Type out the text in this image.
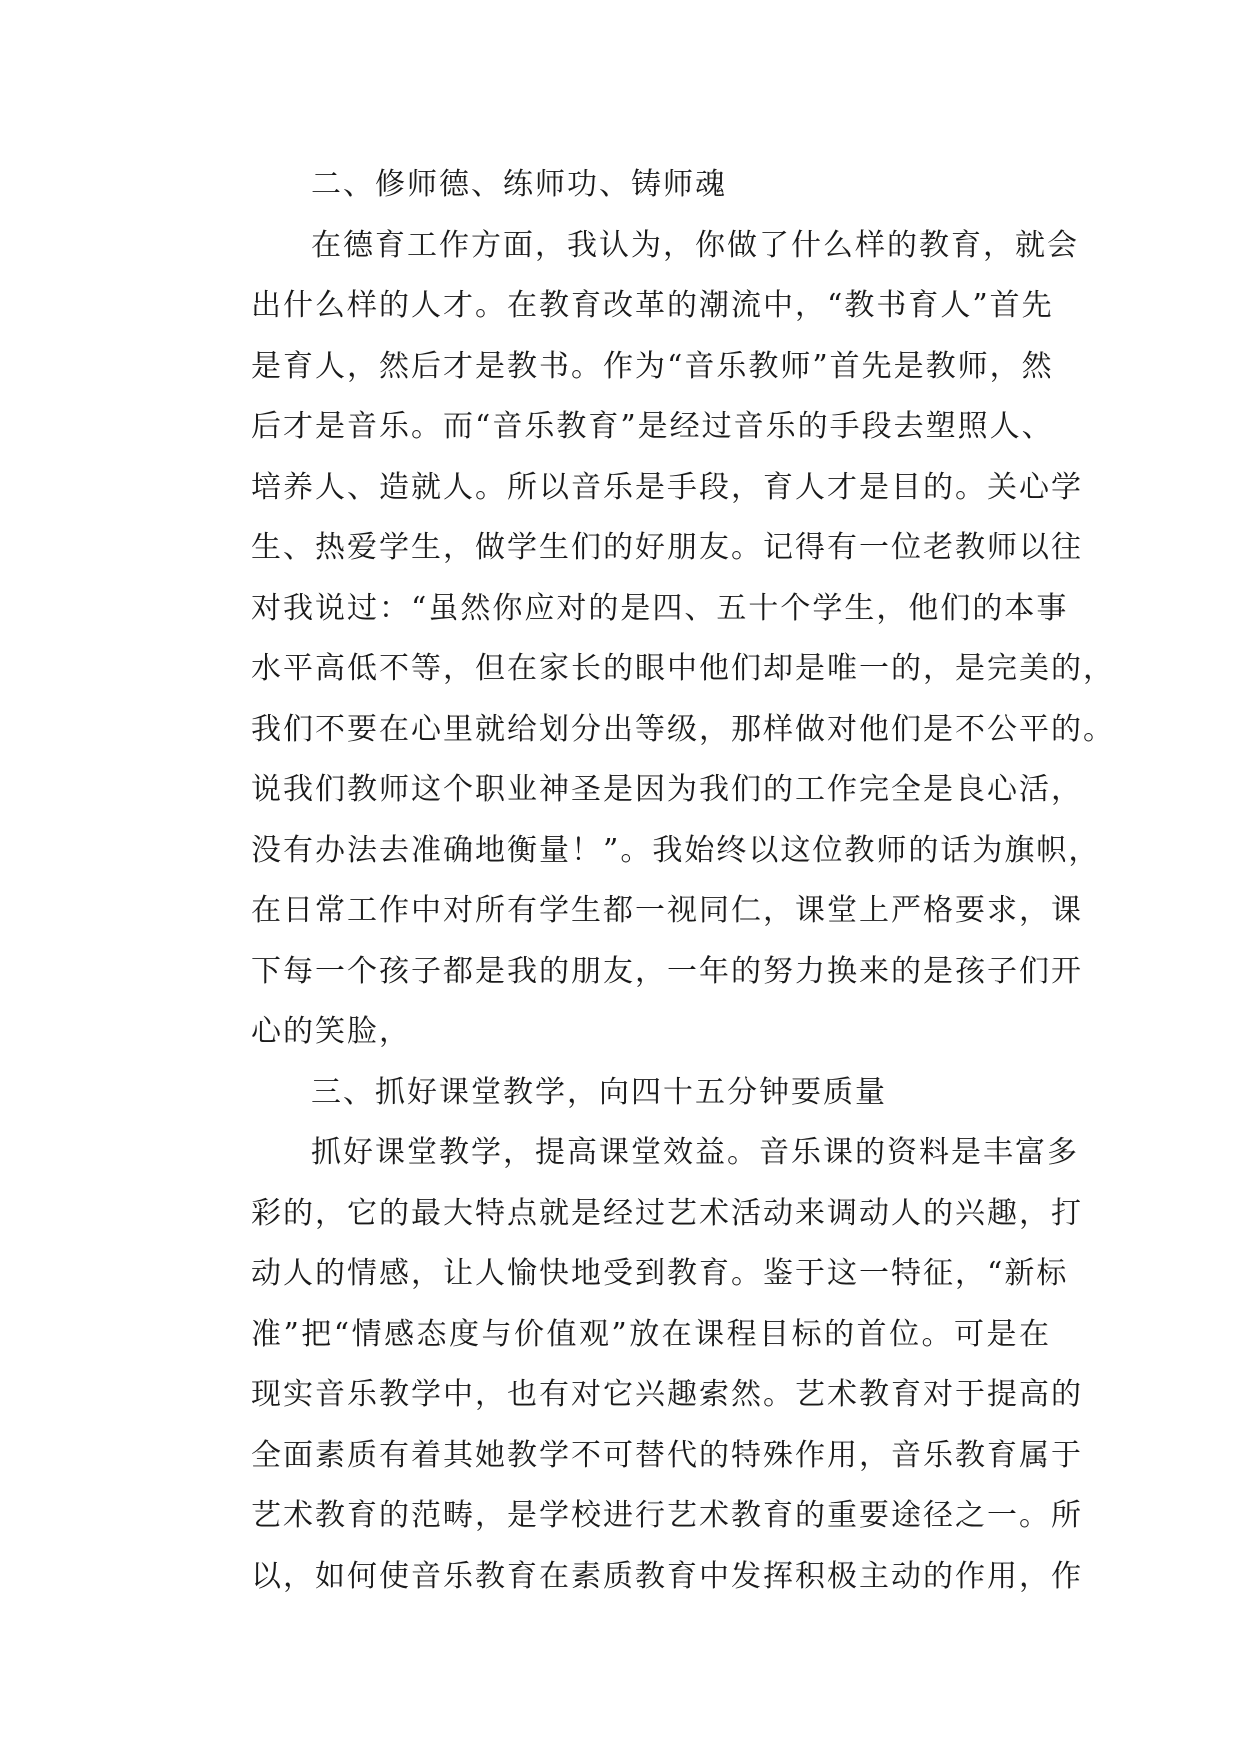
二、修师德、练师功、铸师魂
在德育工作方面，我认为，你做了什么样的教育，就会
出什么样的人才。在教育改革的潮流中，“教书育人”首先
是育人，然后才是教书。作为“音乐教师”首先是教师，然
后才是音乐。而“音乐教育”是经过音乐的手段去塑照人、
培养人、造就人。所以音乐是手段，育人才是目的。关心学
生、热爱学生，做学生们的好朋友。记得有一位老教师以往
对我说过：“虽然你应对的是四、五十个学生，他们的本事
水平高低不等，但在家长的眼中他们却是唯一的，是完美的，
我们不要在心里就给划分出等级，那样做对他们是不公平的。
说我们教师这个职业神圣是因为我们的工作完全是良心活，
没有办法去准确地衡量！”。我始终以这位教师的话为旗帜，
在日常工作中对所有学生都一视同仁，课堂上严格要求，课
下每一个孩子都是我的朋友，一年的努力换来的是孩子们开
心的笑脸，
三、抓好课堂教学，向四十五分钟要质量
抓好课堂教学，提高课堂效益。音乐课的资料是丰富多
彩的，它的最大特点就是经过艺术活动来调动人的兴趣，打
动人的情感，让人愉快地受到教育。鉴于这一特征，“新标
准”把“情感态度与价值观”放在课程目标的首位。可是在
现实音乐教学中，也有对它兴趣索然。艺术教育对于提高的
全面素质有着其她教学不可替代的特殊作用，音乐教育属于
艺术教育的范畴，是学校进行艺术教育的重要途径之一。所
以，如何使音乐教育在素质教育中发挥积极主动的作用，作
